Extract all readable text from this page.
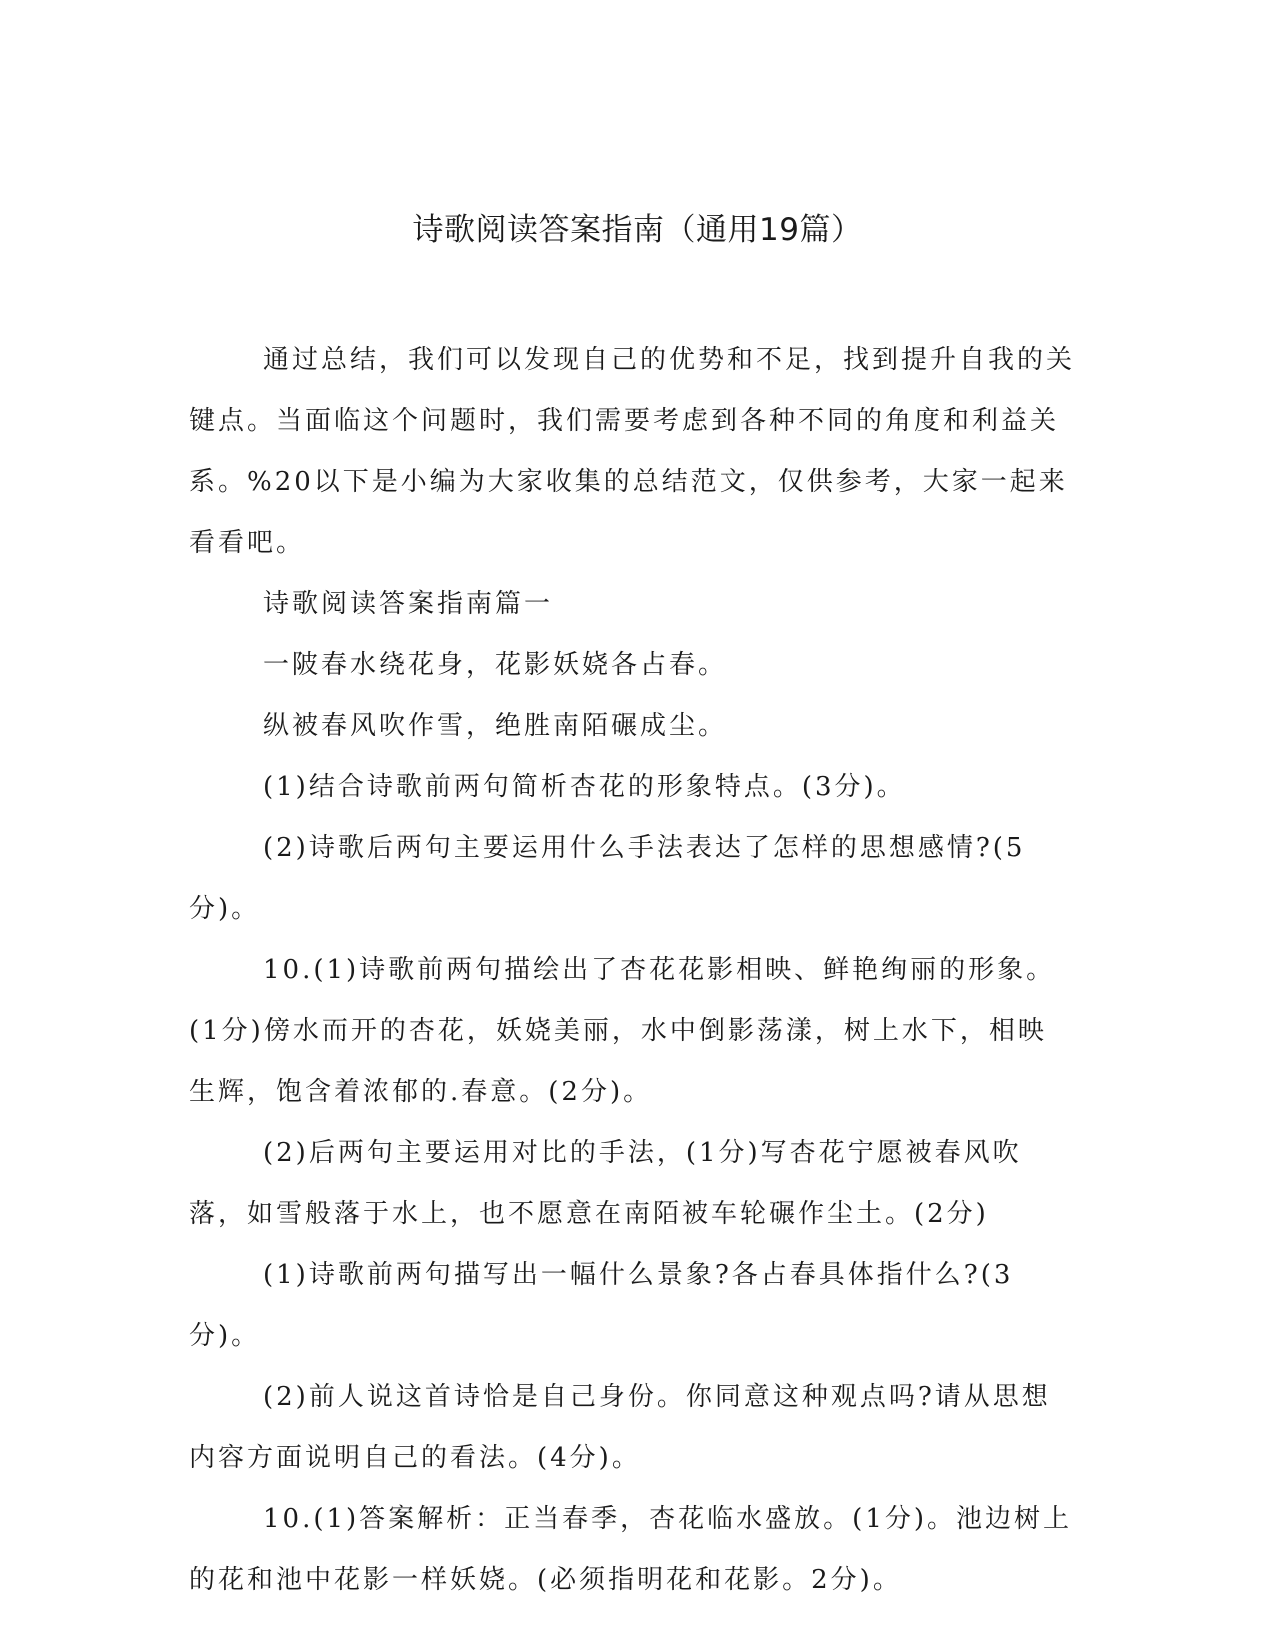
诗歌阅读答案指南（通用19篇）

通过总结，我们可以发现自己的优势和不足，找到提升自我的关键点。当面临这个问题时，我们需要考虑到各种不同的角度和利益关系。%20以下是小编为大家收集的总结范文，仅供参考，大家一起来看看吧。

诗歌阅读答案指南篇一

一陂春水绕花身，花影妖娆各占春。

纵被春风吹作雪，绝胜南陌碾成尘。

(1)结合诗歌前两句简析杏花的形象特点。(3分)。

(2)诗歌后两句主要运用什么手法表达了怎样的思想感情?(5分)。

10.(1)诗歌前两句描绘出了杏花花影相映、鲜艳绚丽的形象。(1分)傍水而开的杏花，妖娆美丽，水中倒影荡漾，树上水下，相映生辉，饱含着浓郁的.春意。(2分)。

(2)后两句主要运用对比的手法，(1分)写杏花宁愿被春风吹落，如雪般落于水上，也不愿意在南陌被车轮碾作尘土。(2分)

(1)诗歌前两句描写出一幅什么景象?各占春具体指什么?(3分)。

(2)前人说这首诗恰是自己身份。你同意这种观点吗?请从思想内容方面说明自己的看法。(4分)。

10.(1)答案解析：正当春季，杏花临水盛放。(1分)。池边树上的花和池中花影一样妖娆。(必须指明花和花影。2分)。
